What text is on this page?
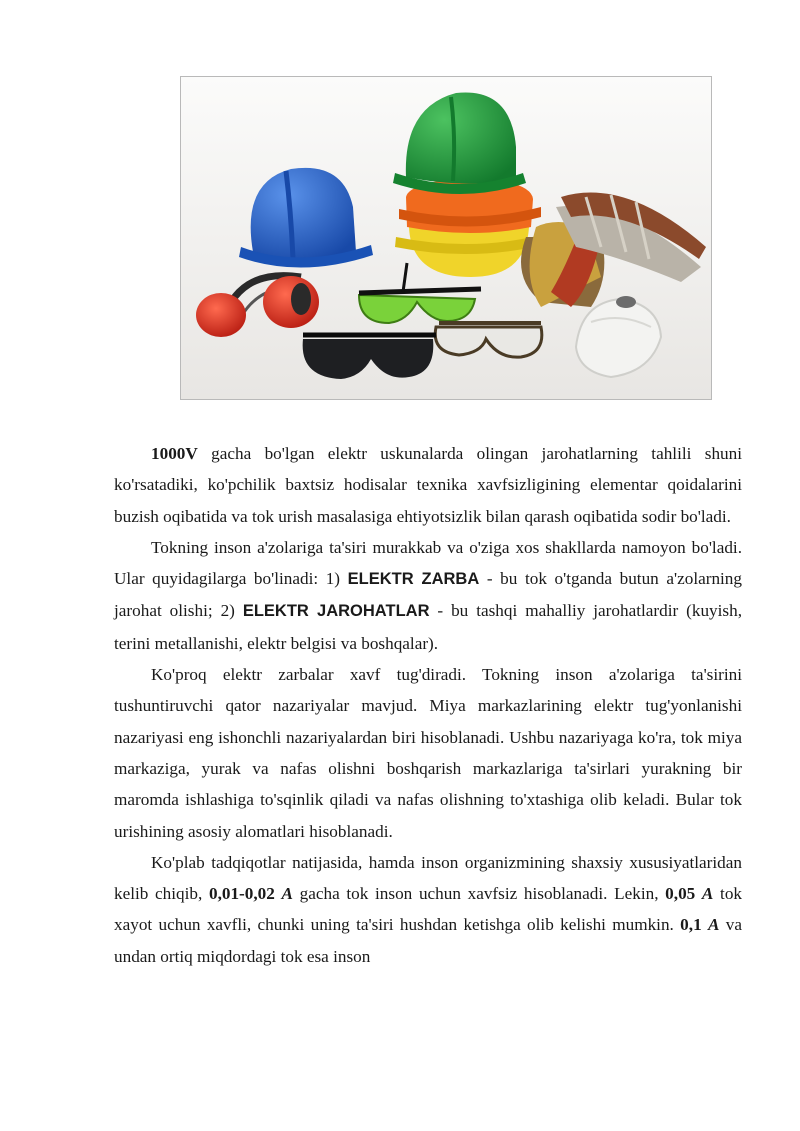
1000V gacha bo'lgan elektr uskunalarda olingan jarohatlarning tahlili shuni ko'rsatadiki, ko'pchilik baxtsiz hodisalar texnika xavfsizligining elementar qoidalarini buzish oqibatida va tok urish masalasiga ehtiyotsizlik bilan qarash oqibatida sodir bo'ladi.

Tokning inson a'zolariga ta'siri murakkab va o'ziga xos shakllarda namoyon bo'ladi. Ular quyidagilarga bo'linadi: 1) ELEKTR ZARBA - bu tok o'tganda butun a'zolarning jarohat olishi; 2) ELEKTR JAROHATLAR - bu tashqi mahalliy jarohatlardir (kuyish, terini metallanishi, elektr belgisi va boshqalar).

Ko'proq elektr zarbalar xavf tug'diradi. Tokning inson a'zolariga ta'sirini tushuntiruvchi qator nazariyalar mavjud. Miya markazlarining elektr tug'yonlanishi nazariyasi eng ishonchli nazariyalardan biri hisoblanadi. Ushbu nazariyaga ko'ra, tok miya markaziga, yurak va nafas olishni boshqarish markazlariga ta'sirlari yurakning bir maromda ishlashiga to'sqinlik qiladi va nafas olishning to'xtashiga olib keladi. Bular tok urishining asosiy alomatlari hisoblanadi.

Ko'plab tadqiqotlar natijasida, hamda inson organizmining shaxsiy xususiyatlaridan kelib chiqib, 0,01-0,02 A gacha tok inson uchun xavfsiz hisoblanadi. Lekin, 0,05 A tok xayot uchun xavfli, chunki uning ta'siri hushdan ketishga olib kelishi mumkin. 0,1 A va undan ortiq miqdordagi tok esa inson
